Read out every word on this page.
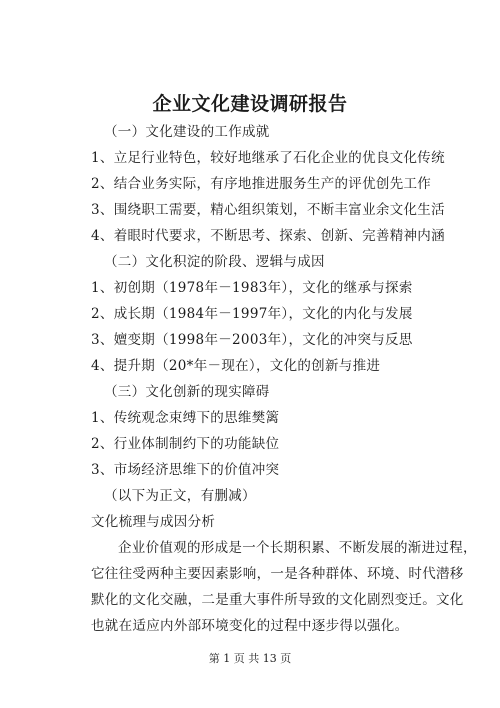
企业文化建设调研报告
（一）文化建设的工作成就
1、立足行业特色，较好地继承了石化企业的优良文化传统
2、结合业务实际，有序地推进服务生产的评优创先工作
3、围绕职工需要，精心组织策划，不断丰富业余文化生活
4、着眼时代要求，不断思考、探索、创新、完善精神内涵
（二）文化积淀的阶段、逻辑与成因
1、初创期（1978年－1983年），文化的继承与探索
2、成长期（1984年－1997年），文化的内化与发展
3、嬗变期（1998年－2003年），文化的冲突与反思
4、提升期（20*年－现在），文化的创新与推进
（三）文化创新的现实障碍
1、传统观念束缚下的思维樊篱
2、行业体制制约下的功能缺位
3、市场经济思维下的价值冲突
（以下为正文，有删减）
文化梳理与成因分析
企业价值观的形成是一个长期积累、不断发展的渐进过程，
它往往受两种主要因素影响，一是各种群体、环境、时代潜移
默化的文化交融，二是重大事件所导致的文化剧烈变迁。文化
也就在适应内外部环境变化的过程中逐步得以强化。
第 1 页 共 13 页
